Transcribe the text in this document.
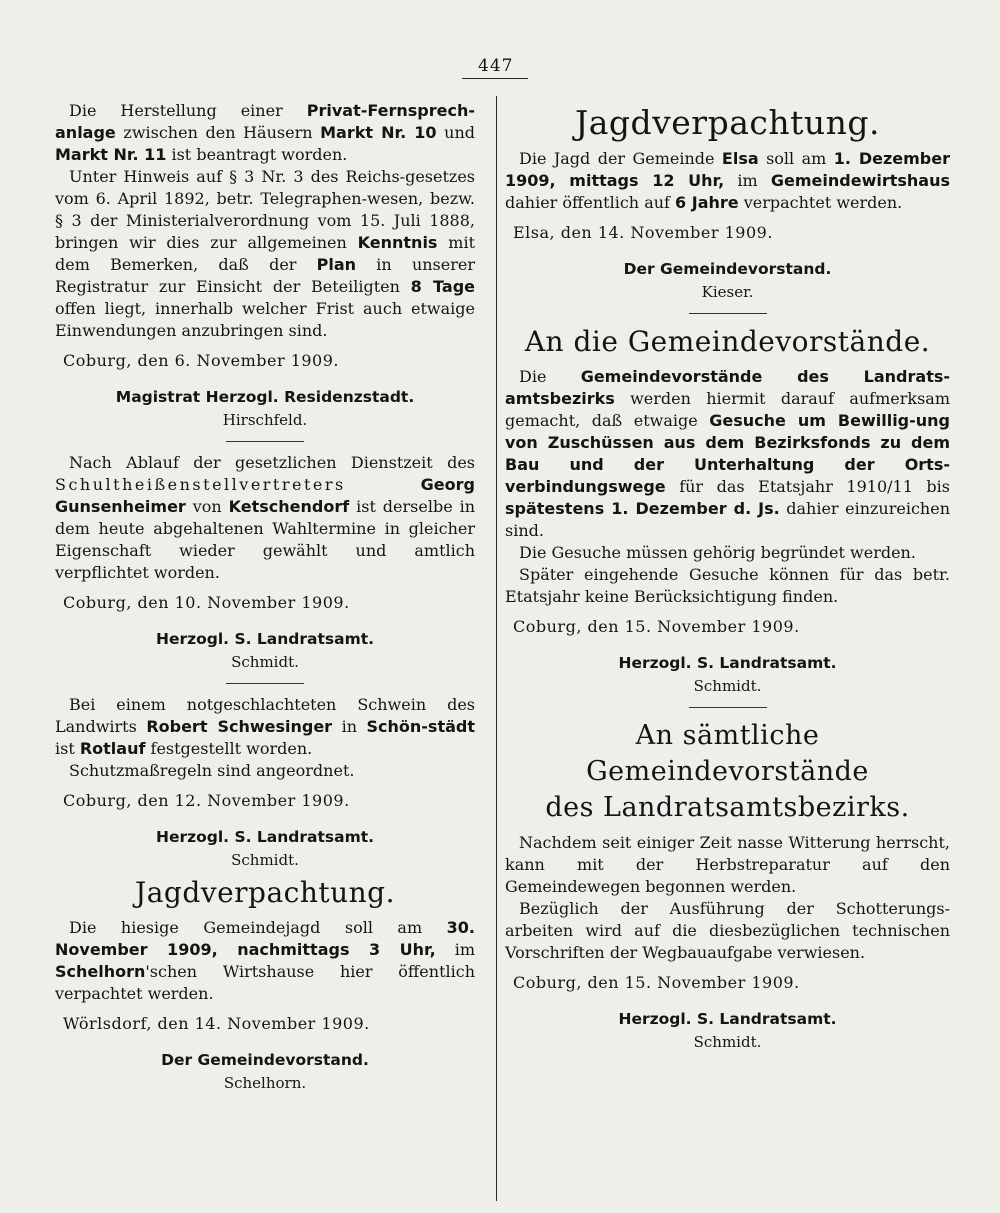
447

Die Herstellung einer Privat-Fernsprech-anlage zwischen den Häusern Markt Nr. 10 und Markt Nr. 11 ist beantragt worden.

Unter Hinweis auf § 3 Nr. 3 des Reichs-gesetzes vom 6. April 1892, betr. Telegraphen-wesen, bezw. § 3 der Ministerialverordnung vom 15. Juli 1888, bringen wir dies zur allgemeinen Kenntnis mit dem Bemerken, daß der Plan in unserer Registratur zur Einsicht der Beteiligten 8 Tage offen liegt, innerhalb welcher Frist auch etwaige Einwendungen anzubringen sind.

Coburg, den 6. November 1909.

Magistrat Herzogl. Residenzstadt.

Hirschfeld.

Nach Ablauf der gesetzlichen Dienstzeit des Schultheißenstellvertreters	Georg Gunsenheimer von Ketschendorf ist derselbe in dem heute abgehaltenen Wahltermine in gleicher Eigenschaft wieder gewählt und amtlich verpflichtet worden.

Coburg, den 10. November 1909.

Herzogl. S. Landratsamt.

Schmidt.

Bei einem notgeschlachteten Schwein des Landwirts Robert Schwesinger in Schön-städt ist Rotlauf festgestellt worden.

Schutzmaßregeln sind angeordnet.

Coburg, den 12. November 1909.

Herzogl. S. Landratsamt.

Schmidt.

Jagdverpachtung.

Die hiesige Gemeindejagd soll am 30. November 1909, nachmittags 3 Uhr, im Schelhorn'schen Wirtshause hier öffentlich verpachtet werden.

Wörlsdorf, den 14. November 1909.

Der Gemeindevorstand.

Schelhorn.

Jagdverpachtung.

Die Jagd der Gemeinde Elsa soll am 1. Dezember 1909, mittags 12 Uhr, im Gemeindewirtshaus dahier öffentlich auf 6 Jahre verpachtet werden.

Elsa, den 14. November 1909.

Der Gemeindevorstand.

Kieser.

An die Gemeindevorstände.

Die Gemeindevorstände des Landrats-amtsbezirks werden hiermit darauf aufmerksam gemacht, daß etwaige Gesuche um Bewillig-ung von Zuschüssen aus dem Bezirksfonds zu dem Bau und der Unterhaltung der Orts-verbindungswege für das Etatsjahr 1910/11 bis spätestens 1. Dezember d. Js. dahier einzureichen sind.

Die Gesuche müssen gehörig begründet werden.

Später eingehende Gesuche können für das betr. Etatsjahr keine Berücksichtigung finden.

Coburg, den 15. November 1909.

Herzogl. S. Landratsamt.

Schmidt.

An sämtliche Gemeindevorstände
des Landratsamtsbezirks.

Nachdem seit einiger Zeit nasse Witterung herrscht, kann mit der Herbstreparatur auf den Gemeindewegen begonnen werden.

Bezüglich der Ausführung der Schotterungs-arbeiten wird auf die diesbezüglichen technischen Vorschriften der Wegbauaufgabe verwiesen.

Coburg, den 15. November 1909.

Herzogl. S. Landratsamt.

Schmidt.
